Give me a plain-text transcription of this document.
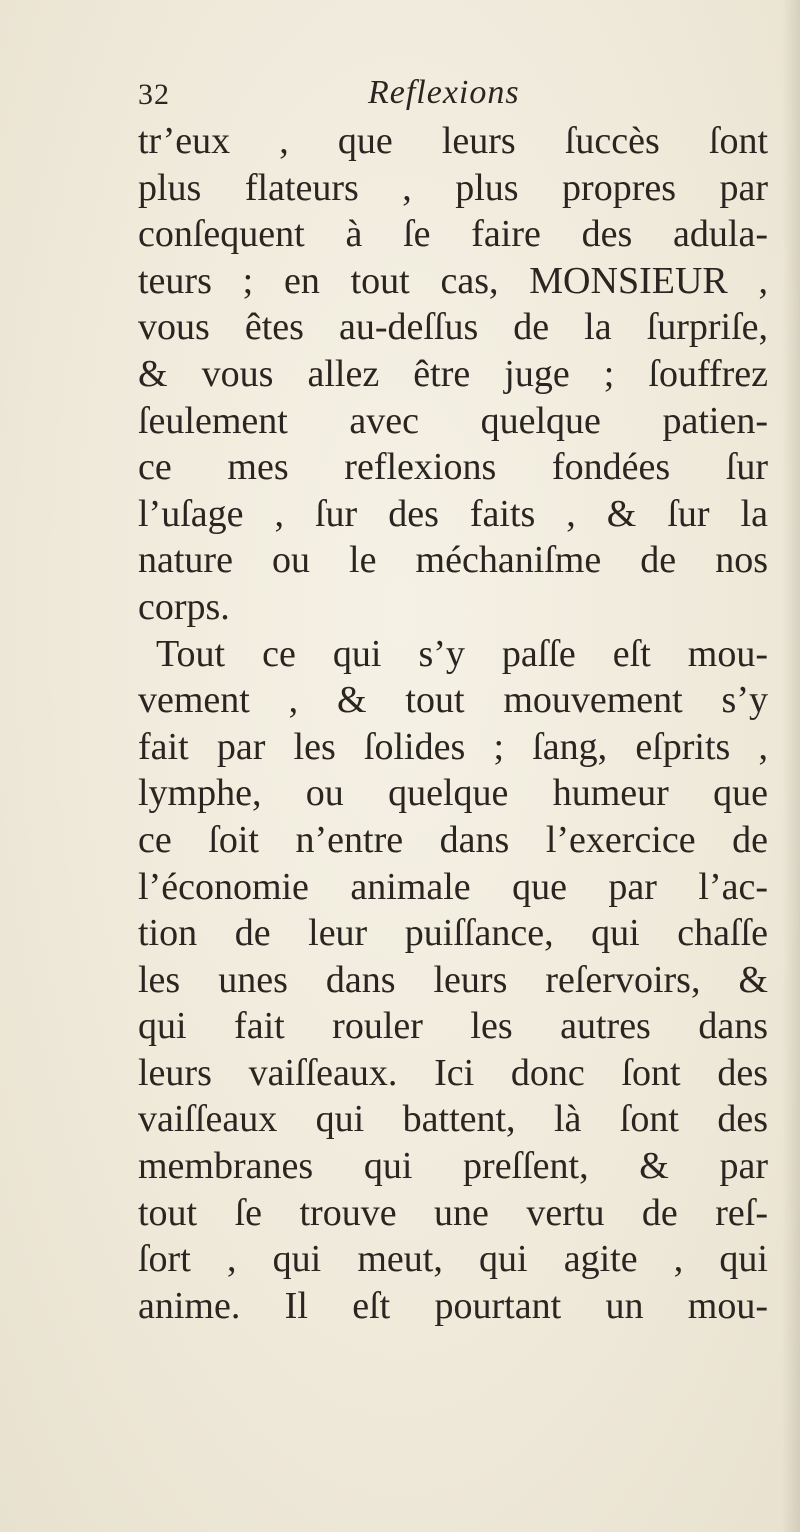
32	Reflexions
tr’eux , que leurs ſuccès ſont
plus flateurs , plus propres par
conſequent à ſe faire des adula-
teurs ; en tout cas, MONSIEUR ,
vous êtes au-deſſus de la ſurpriſe,
& vous allez être juge ; ſouffrez
ſeulement avec quelque patien-
ce mes reflexions fondées ſur
l’uſage , ſur des faits , & ſur la
nature ou le méchaniſme de nos
corps.
Tout ce qui s’y paſſe eſt mou-
vement , & tout mouvement s’y
fait par les ſolides ; ſang, eſprits ,
lymphe, ou quelque humeur que
ce ſoit n’entre dans l’exercice de
l’économie animale que par l’ac-
tion de leur puiſſance, qui chaſſe
les unes dans leurs reſervoirs, &
qui fait rouler les autres dans
leurs vaiſſeaux. Ici donc ſont des
vaiſſeaux qui battent, là ſont des
membranes qui preſſent, & par
tout ſe trouve une vertu de reſ-
ſort , qui meut, qui agite , qui
anime. Il eſt pourtant un mou-
